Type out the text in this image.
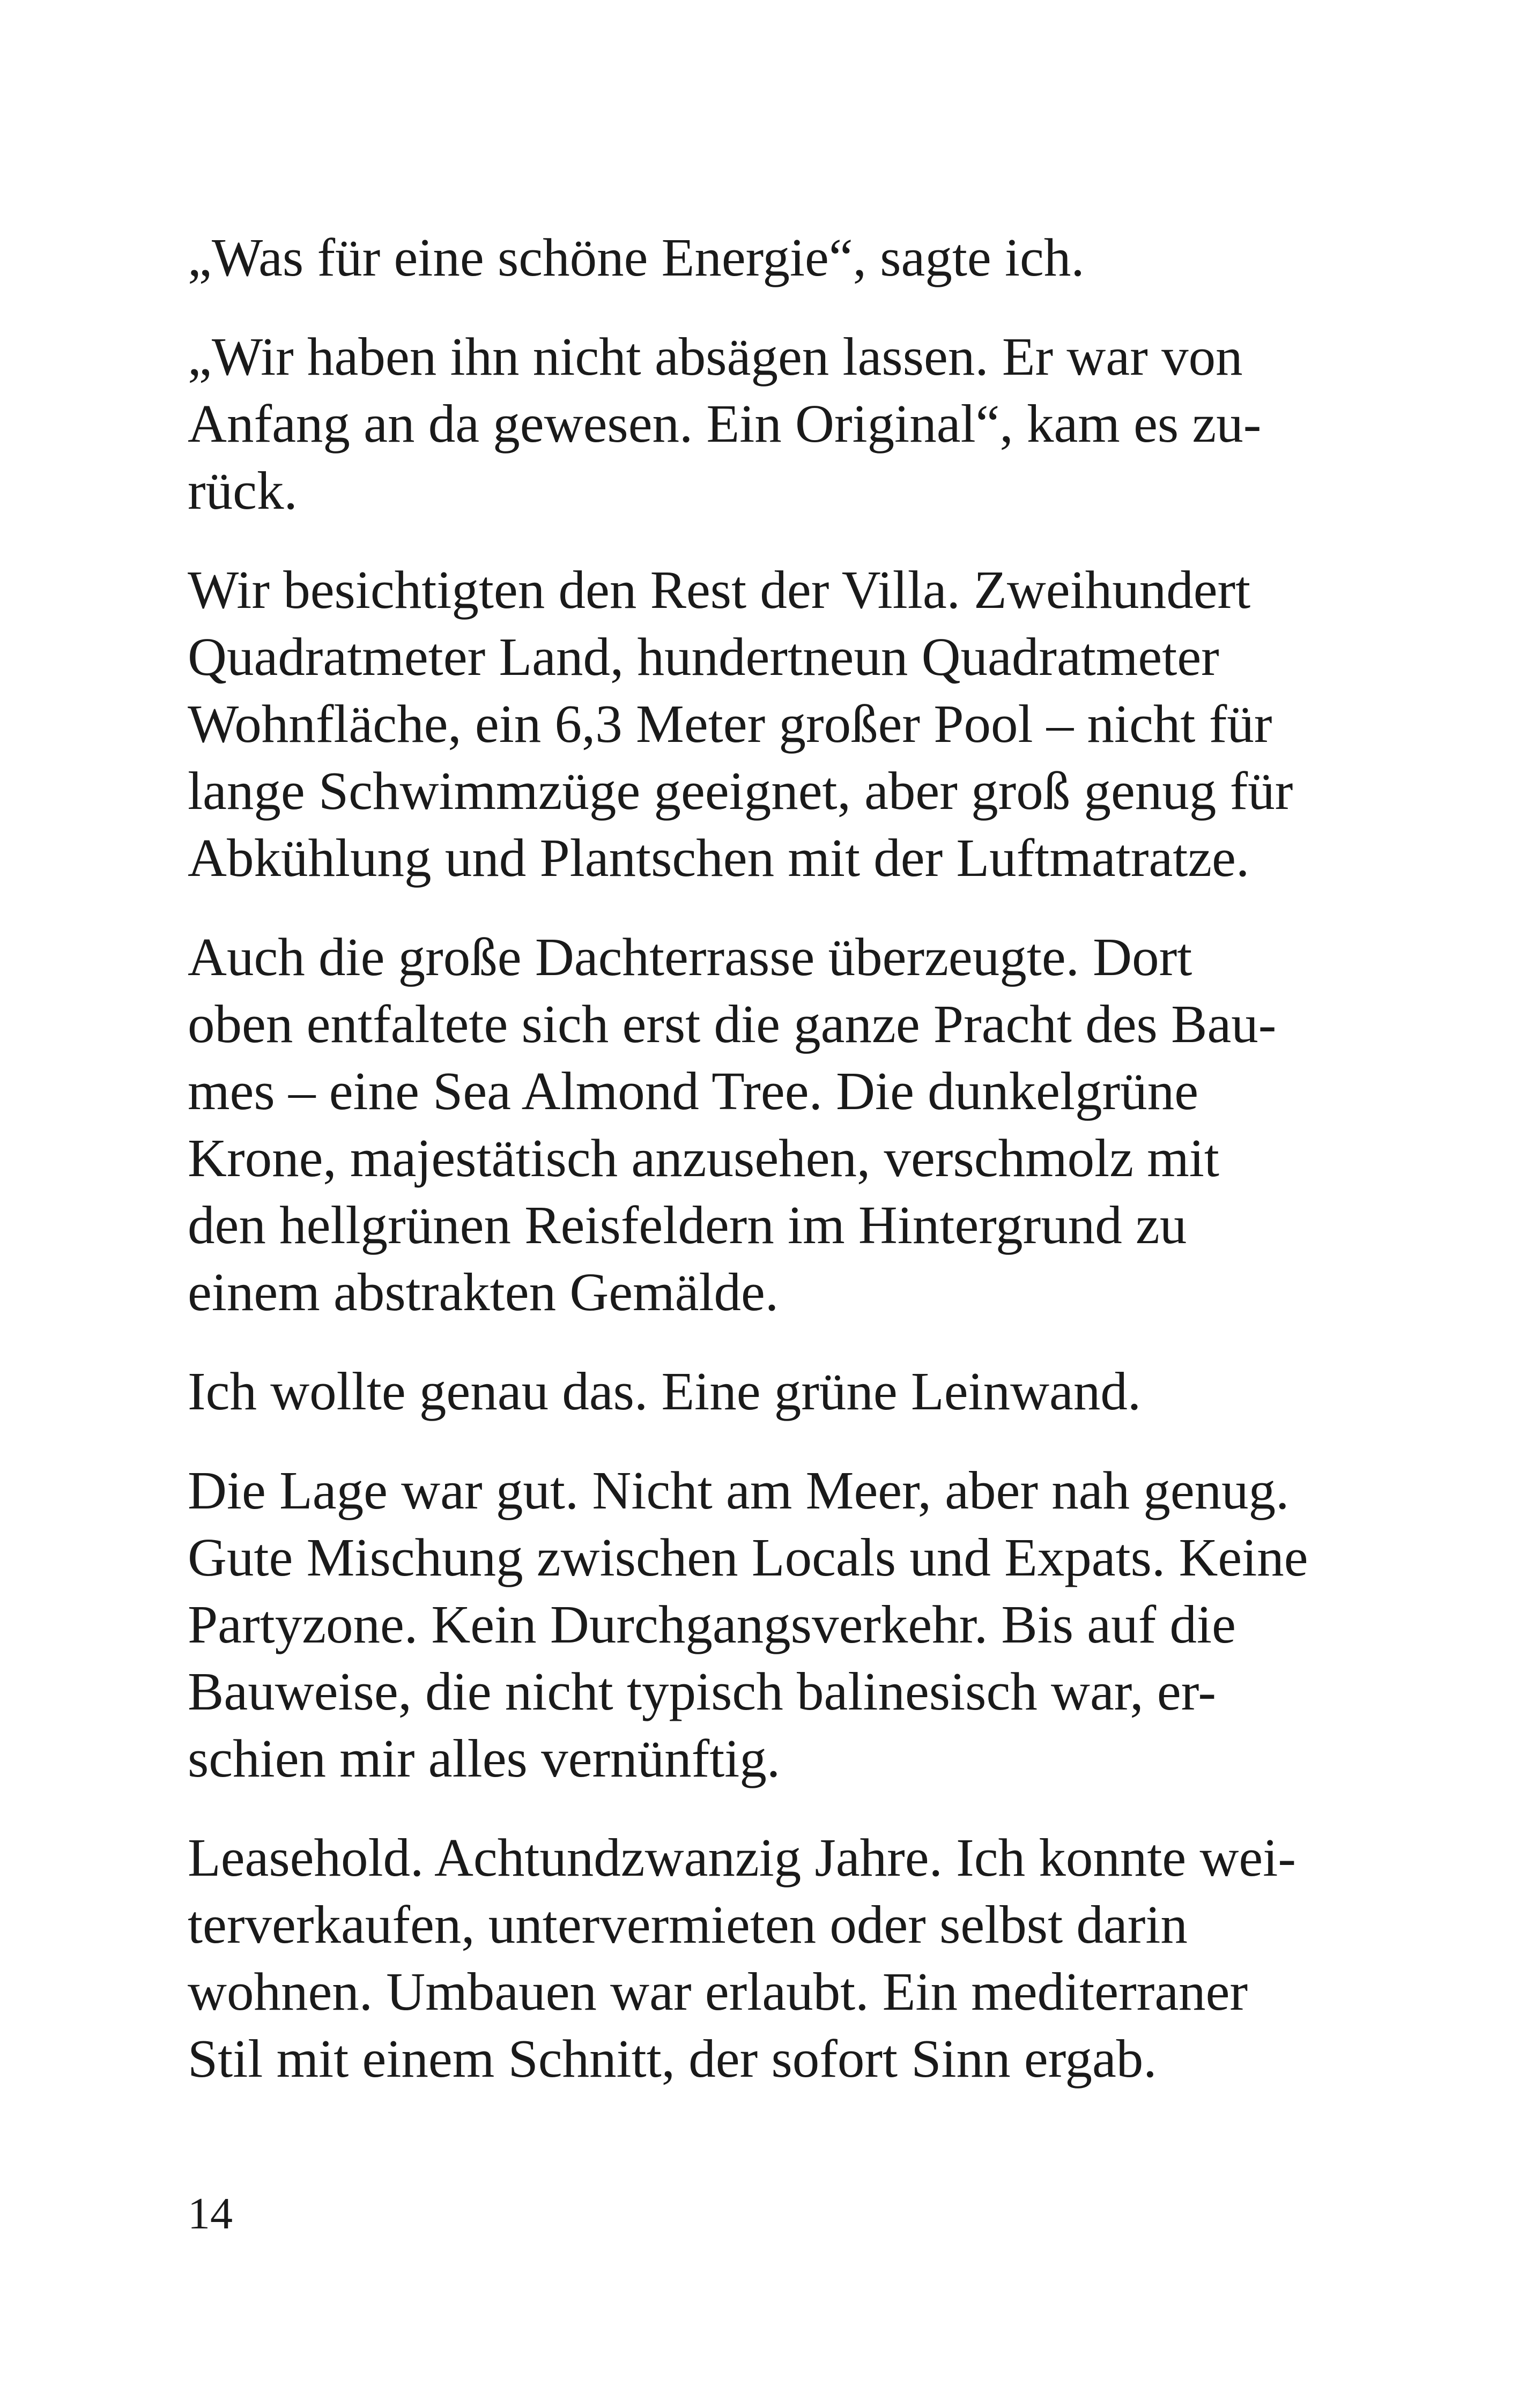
„Was für eine schöne Energie“, sagte ich.
„Wir haben ihn nicht absägen lassen. Er war von
Anfang an da gewesen. Ein Original“, kam es zu-
rück.
Wir besichtigten den Rest der Villa. Zweihundert
Quadratmeter Land, hundertneun Quadratmeter
Wohnfläche, ein 6,3 Meter großer Pool – nicht für
lange Schwimmzüge geeignet, aber groß genug für
Abkühlung und Plantschen mit der Luftmatratze.
Auch die große Dachterrasse überzeugte. Dort
oben entfaltete sich erst die ganze Pracht des Bau-
mes – eine Sea Almond Tree. Die dunkelgrüne
Krone, majestätisch anzusehen, verschmolz mit
den hellgrünen Reisfeldern im Hintergrund zu
einem abstrakten Gemälde.
Ich wollte genau das. Eine grüne Leinwand.
Die Lage war gut. Nicht am Meer, aber nah genug.
Gute Mischung zwischen Locals und Expats. Keine
Partyzone. Kein Durchgangsverkehr. Bis auf die
Bauweise, die nicht typisch balinesisch war, er-
schien mir alles vernünftig.
Leasehold. Achtundzwanzig Jahre. Ich konnte wei-
terverkaufen, untervermieten oder selbst darin
wohnen. Umbauen war erlaubt. Ein mediterraner
Stil mit einem Schnitt, der sofort Sinn ergab.
14
